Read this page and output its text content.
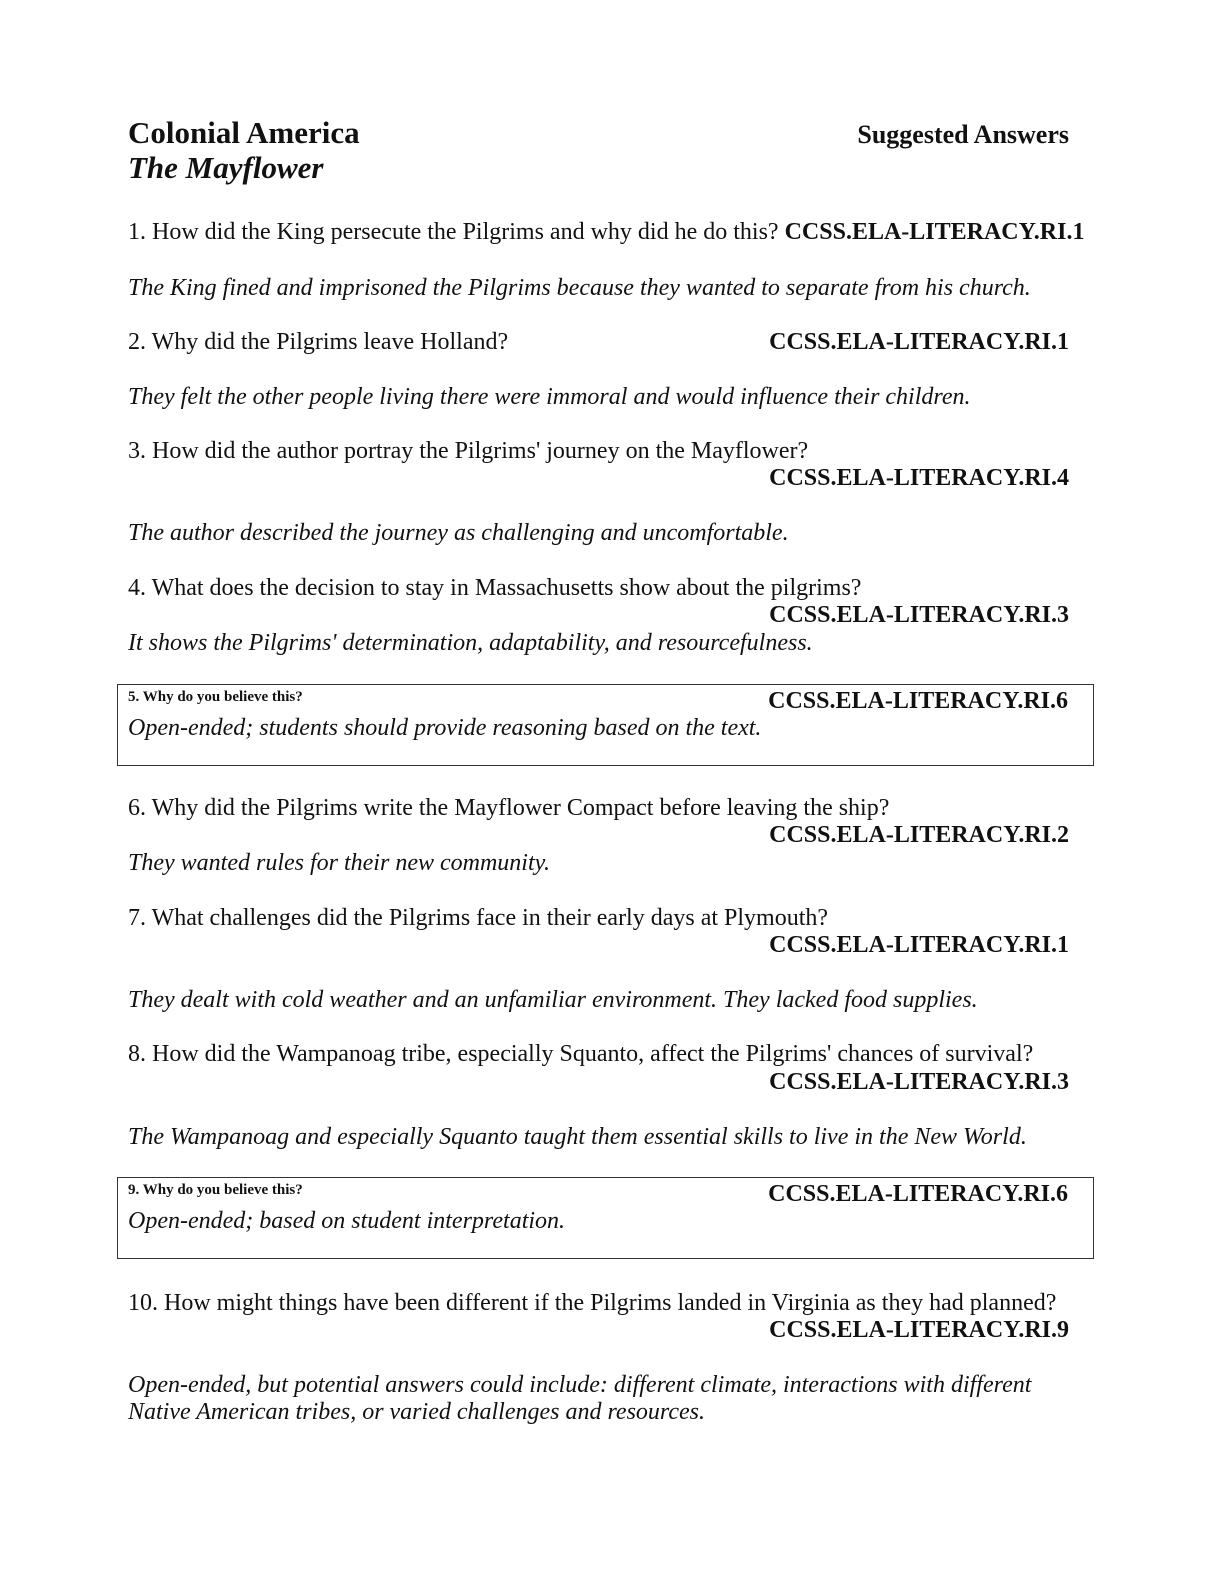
Colonial America
The Mayflower
Suggested Answers
1. How did the King persecute the Pilgrims and why did he do this? CCSS.ELA-LITERACY.RI.1
The King fined and imprisoned the Pilgrims because they wanted to separate from his church.
2. Why did the Pilgrims leave Holland?	CCSS.ELA-LITERACY.RI.1
They felt the other people living there were immoral and would influence their children.
3. How did the author portray the Pilgrims' journey on the Mayflower?
CCSS.ELA-LITERACY.RI.4
The author described the journey as challenging and uncomfortable.
4. What does the decision to stay in Massachusetts show about the pilgrims?
CCSS.ELA-LITERACY.RI.3
It shows the Pilgrims' determination, adaptability, and resourcefulness.
5. Why do you believe this?	CCSS.ELA-LITERACY.RI.6
Open-ended; students should provide reasoning based on the text.
6. Why did the Pilgrims write the Mayflower Compact before leaving the ship?
CCSS.ELA-LITERACY.RI.2
They wanted rules for their new community.
7. What challenges did the Pilgrims face in their early days at Plymouth?
CCSS.ELA-LITERACY.RI.1
They dealt with cold weather and an unfamiliar environment. They lacked food supplies.
8. How did the Wampanoag tribe, especially Squanto, affect the Pilgrims' chances of survival?
CCSS.ELA-LITERACY.RI.3
The Wampanoag and especially Squanto taught them essential skills to live in the New World.
9. Why do you believe this?	CCSS.ELA-LITERACY.RI.6
Open-ended; based on student interpretation.
10. How might things have been different if the Pilgrims landed in Virginia as they had planned?
CCSS.ELA-LITERACY.RI.9
Open-ended, but potential answers could include: different climate, interactions with different
Native American tribes, or varied challenges and resources.
